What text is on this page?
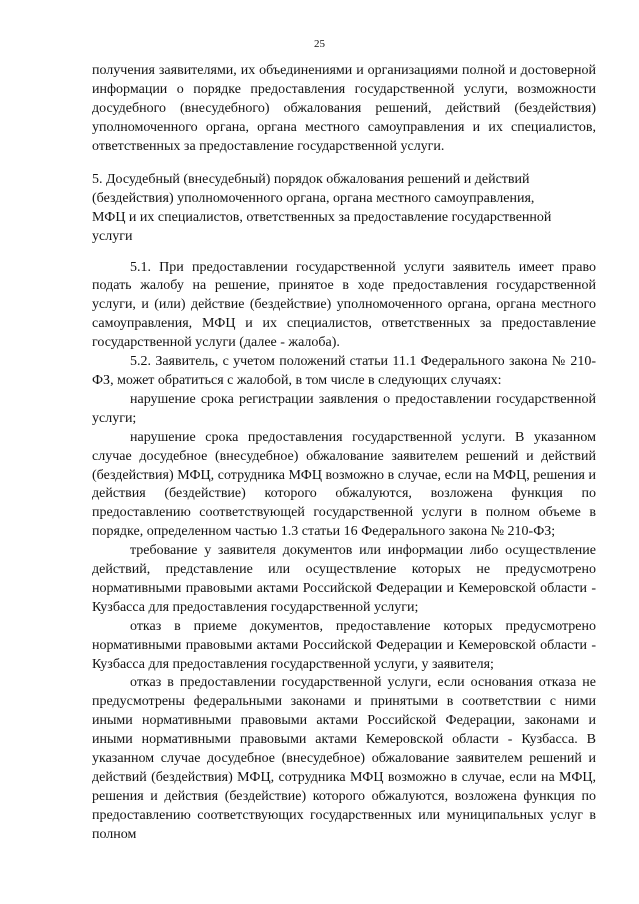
25

получения заявителями, их объединениями и организациями полной и достоверной информации о порядке предоставления государственной услуги, возможности досудебного (внесудебного) обжалования решений, действий (бездействия) уполномоченного органа, органа местного самоуправления и их специалистов, ответственных за предоставление государственной услуги.

5. Досудебный (внесудебный) порядок обжалования решений и действий
(бездействия) уполномоченного органа, органа местного самоуправления,
МФЦ и их специалистов, ответственных за предоставление государственной
услуги

5.1. При предоставлении государственной услуги заявитель имеет право подать жалобу на решение, принятое в ходе предоставления государственной услуги, и (или) действие (бездействие) уполномоченного органа, органа местного самоуправления, МФЦ и их специалистов, ответственных за предоставление государственной услуги (далее - жалоба).

5.2. Заявитель, с учетом положений статьи 11.1 Федерального закона № 210-ФЗ, может обратиться с жалобой, в том числе в следующих случаях:

нарушение срока регистрации заявления о предоставлении государственной услуги;

нарушение срока предоставления государственной услуги. В указанном случае досудебное (внесудебное) обжалование заявителем решений и действий (бездействия) МФЦ, сотрудника МФЦ возможно в случае, если на МФЦ, решения и действия (бездействие) которого обжалуются, возложена функция по предоставлению соответствующей государственной услуги в полном объеме в порядке, определенном частью 1.3 статьи 16 Федерального закона № 210-ФЗ;

требование у заявителя документов или информации либо осуществление действий, представление или осуществление которых не предусмотрено нормативными правовыми актами Российской Федерации и Кемеровской области - Кузбасса для предоставления государственной услуги;

отказ в приеме документов, предоставление которых предусмотрено нормативными правовыми актами Российской Федерации и Кемеровской области - Кузбасса для предоставления государственной услуги, у заявителя;

отказ в предоставлении государственной услуги, если основания отказа не предусмотрены федеральными законами и принятыми в соответствии с ними иными нормативными правовыми актами Российской Федерации, законами и иными нормативными правовыми актами Кемеровской области - Кузбасса. В указанном случае досудебное (внесудебное) обжалование заявителем решений и действий (бездействия) МФЦ, сотрудника МФЦ возможно в случае, если на МФЦ, решения и действия (бездействие) которого обжалуются, возложена функция по предоставлению соответствующих государственных или муниципальных услуг в полном
